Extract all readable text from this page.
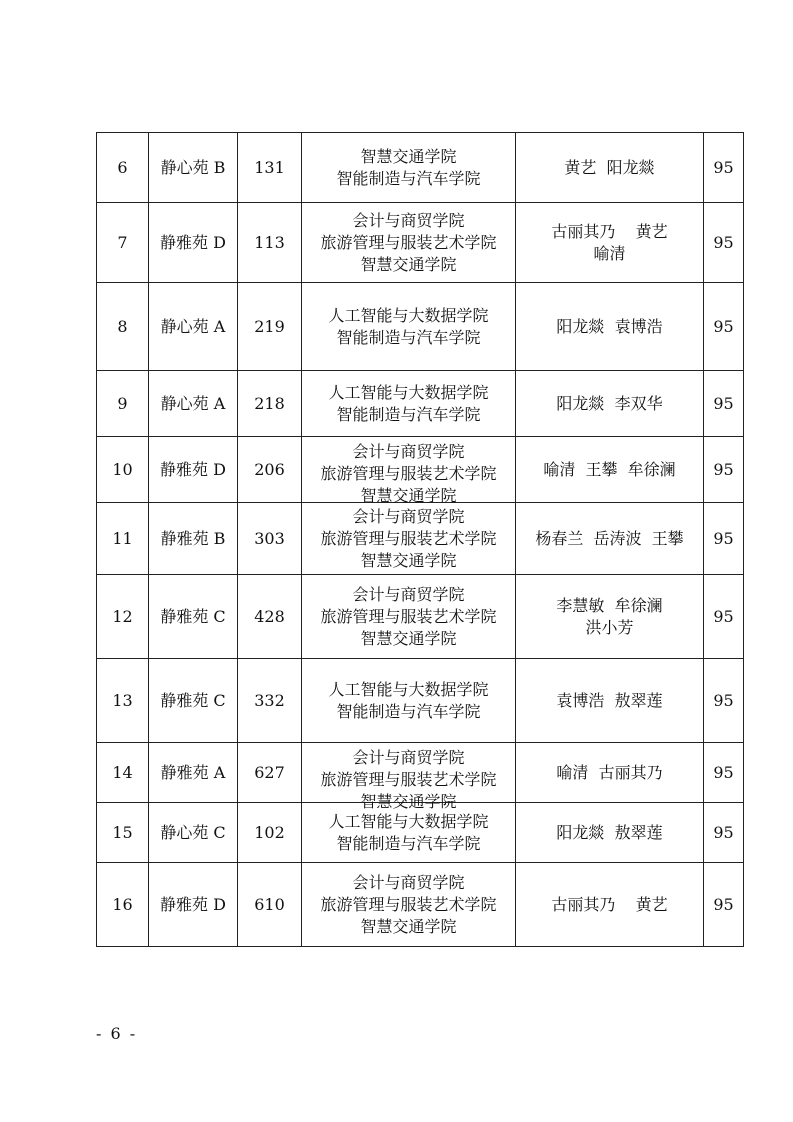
6	静心苑 B	131	智慧交通学院
智能制造与汽车学院	黄艺  阳龙燚	95
7	静雅苑 D	113	会计与商贸学院
旅游管理与服装艺术学院
智慧交通学院	古丽其乃    黄艺
喻清	95
8	静心苑 A	219	人工智能与大数据学院
智能制造与汽车学院	阳龙燚  袁博浩	95
9	静心苑 A	218	人工智能与大数据学院
智能制造与汽车学院	阳龙燚  李双华	95
10	静雅苑 D	206	会计与商贸学院
旅游管理与服装艺术学院
智慧交通学院	喻清  王攀  牟徐澜	95
11	静雅苑 B	303	会计与商贸学院
旅游管理与服装艺术学院
智慧交通学院	杨春兰  岳涛波  王攀	95
12	静雅苑 C	428	会计与商贸学院
旅游管理与服装艺术学院
智慧交通学院	李慧敏  牟徐澜
洪小芳	95
13	静雅苑 C	332	人工智能与大数据学院
智能制造与汽车学院	袁博浩  敖翠莲	95
14	静雅苑 A	627	会计与商贸学院
旅游管理与服装艺术学院
智慧交通学院	喻清  古丽其乃	95
15	静心苑 C	102	人工智能与大数据学院
智能制造与汽车学院	阳龙燚  敖翠莲	95
16	静雅苑 D	610	会计与商贸学院
旅游管理与服装艺术学院
智慧交通学院	古丽其乃    黄艺	95
- 6 -
